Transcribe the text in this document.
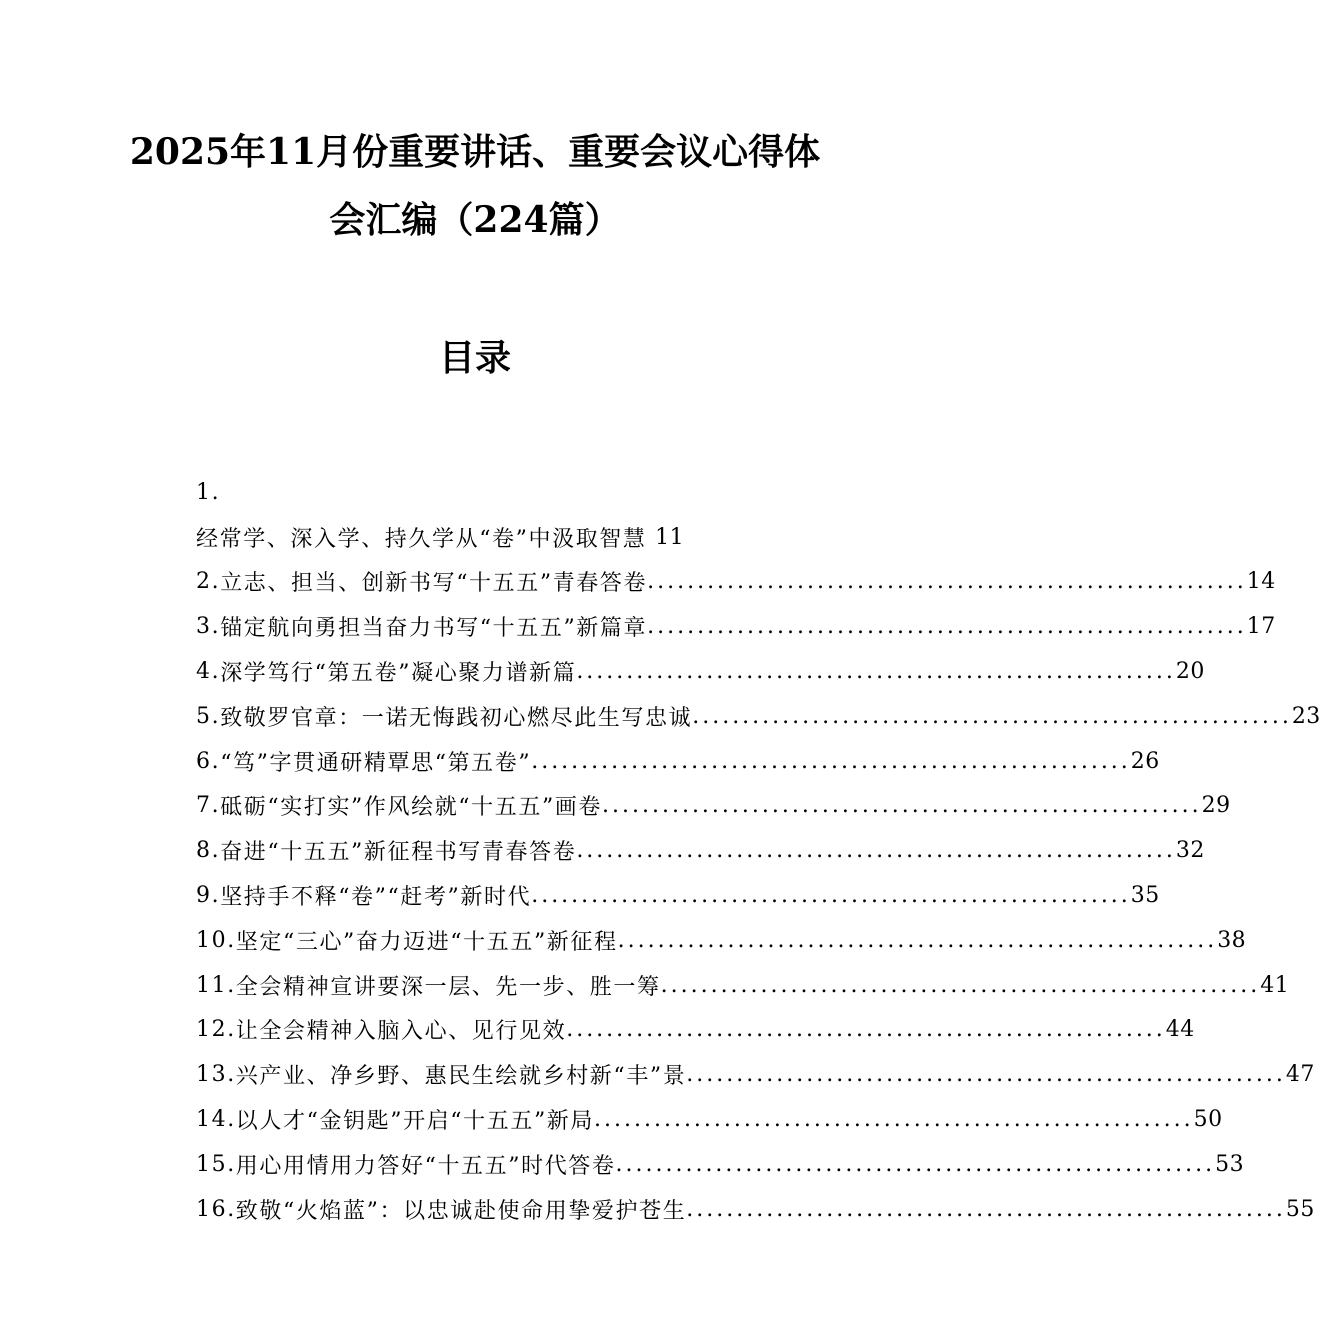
2025年11月份重要讲话、重要会议心得体
会汇编（224篇）
目录
1.
经常学、深入学、持久学从“卷”中汲取智慧
11
2. 立志、担当、创新书写“十五五”青春答卷 ............................................................ 14
3. 锚定航向勇担当奋力书写“十五五”新篇章 ............................................................ 17
4. 深学笃行“第五卷”凝心聚力谱新篇 ............................................................ 20
5. 致敬罗官章：一诺无悔践初心燃尽此生写忠诚 ............................................................ 23
6. “笃”字贯通研精覃思“第五卷” ............................................................ 26
7. 砥砺“实打实”作风绘就“十五五”画卷 ............................................................ 29
8. 奋进“十五五”新征程书写青春答卷 ............................................................ 32
9. 坚持手不释“卷”“赶考”新时代 ............................................................ 35
10. 坚定“三心”奋力迈进“十五五”新征程 ............................................................ 38
11. 全会精神宣讲要深一层、先一步、胜一筹 ............................................................ 41
12. 让全会精神入脑入心、见行见效 ............................................................ 44
13. 兴产业、净乡野、惠民生绘就乡村新“丰”景 ............................................................ 47
14. 以人才“金钥匙”开启“十五五”新局 ............................................................ 50
15. 用心用情用力答好“十五五”时代答卷 ............................................................ 53
16. 致敬“火焰蓝”：以忠诚赴使命用挚爱护苍生 ............................................................ 55
